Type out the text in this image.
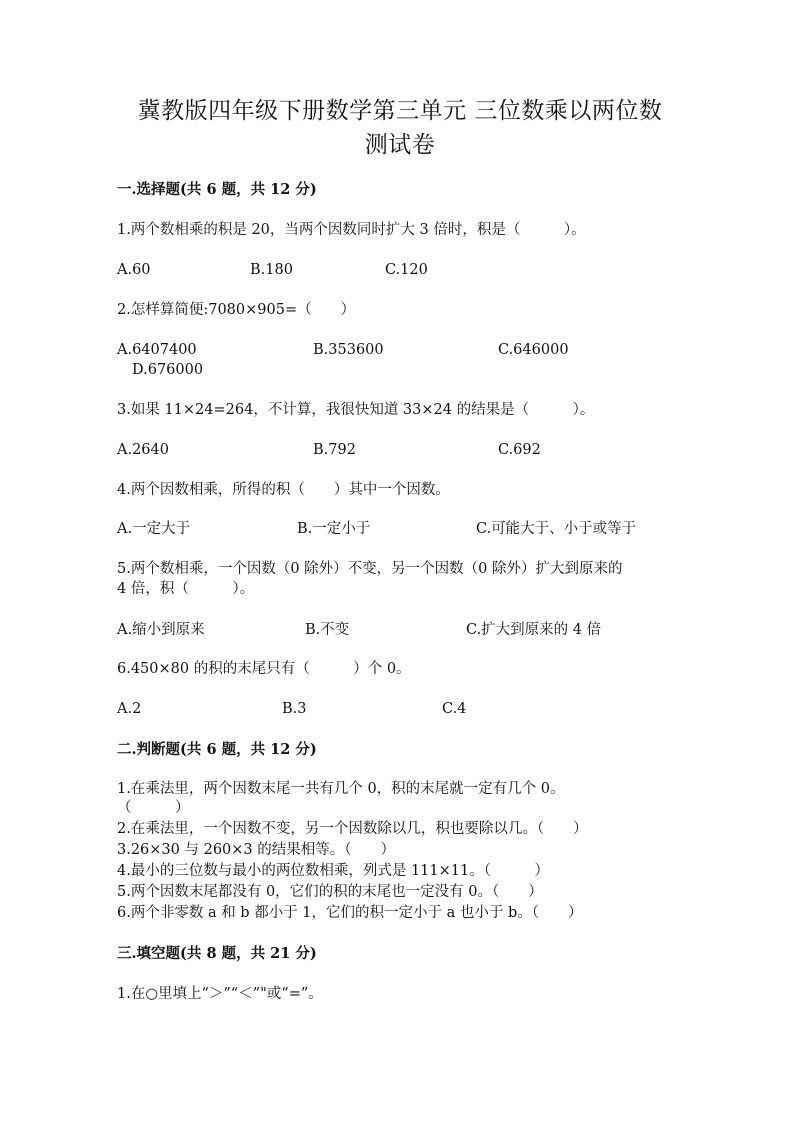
冀教版四年级下册数学第三单元 三位数乘以两位数
测试卷
一.选择题(共 6 题，共 12 分)
1.两个数相乘的积是 20，当两个因数同时扩大 3 倍时，积是（　　　）。
A.60	B.180	C.120
2.怎样算简便:7080×905=（　　）
A.6407400	B.353600	C.646000
D.676000
3.如果 11×24=264，不计算，我很快知道 33×24 的结果是（　　　）。
A.2640	B.792	C.692
4.两个因数相乘，所得的积（　　）其中一个因数。
A.一定大于	B.一定小于	C.可能大于、小于或等于
5.两个数相乘，一个因数（0 除外）不变，另一个因数（0 除外）扩大到原来的
4 倍，积（　　　）。
A.缩小到原来	B.不变	C.扩大到原来的 4 倍
6.450×80 的积的末尾只有（　　　）个 0。
A.2	B.3	C.4
二.判断题(共 6 题，共 12 分)
1.在乘法里，两个因数末尾一共有几个 0，积的末尾就一定有几个 0。
（　　　）
2.在乘法里，一个因数不变，另一个因数除以几，积也要除以几。（　　）
3.26×30 与 260×3 的结果相等。（　　）
4.最小的三位数与最小的两位数相乘，列式是 111×11。（　　　）
5.两个因数末尾都没有 0，它们的积的末尾也一定没有 0。（　　）
6.两个非零数 a 和 b 都小于 1，它们的积一定小于 a 也小于 b。（　　）
三.填空题(共 8 题，共 21 分)
1.在○里填上“＞”“＜”"或“=”。
